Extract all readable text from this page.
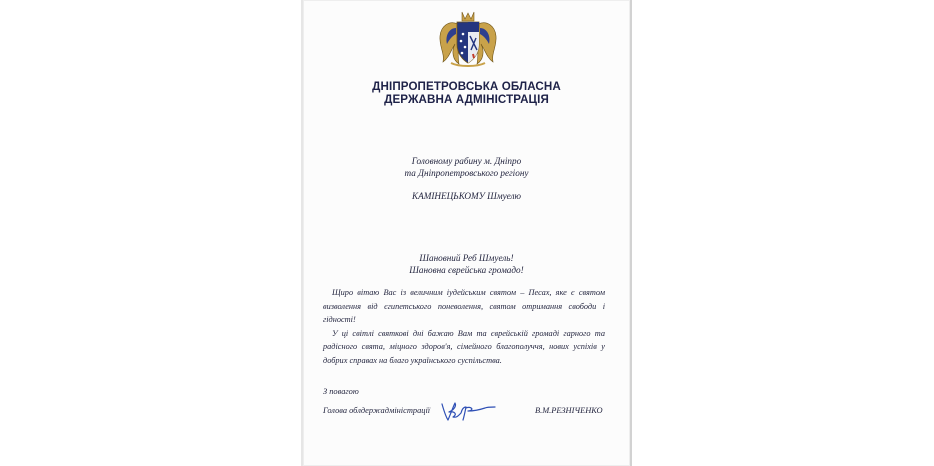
ДНІПРОПЕТРОВСЬКА ОБЛАСНА
ДЕРЖАВНА АДМІНІСТРАЦІЯ
Головному рабину м. Дніпро
та Дніпропетровського регіону
КАМІНЕЦЬКОМУ Шмуелю
Шановний Реб Шмуель!
Шановна єврейська громадо!

Щиро вітаю Вас із величним іудейським святом – Песах, яке є святом визволення від єгипетського поневолення, святом отримання свободи і гідності!

У ці світлі святкові дні бажаю Вам та єврейській громаді гарного та радісного свята, міцного здоров'я, сімейного благополуччя, нових успіхів у добрих справах на благо українського суспільства.

З повагою
Голова облдержадміністрації	В.М.РЕЗНІЧЕНКО
